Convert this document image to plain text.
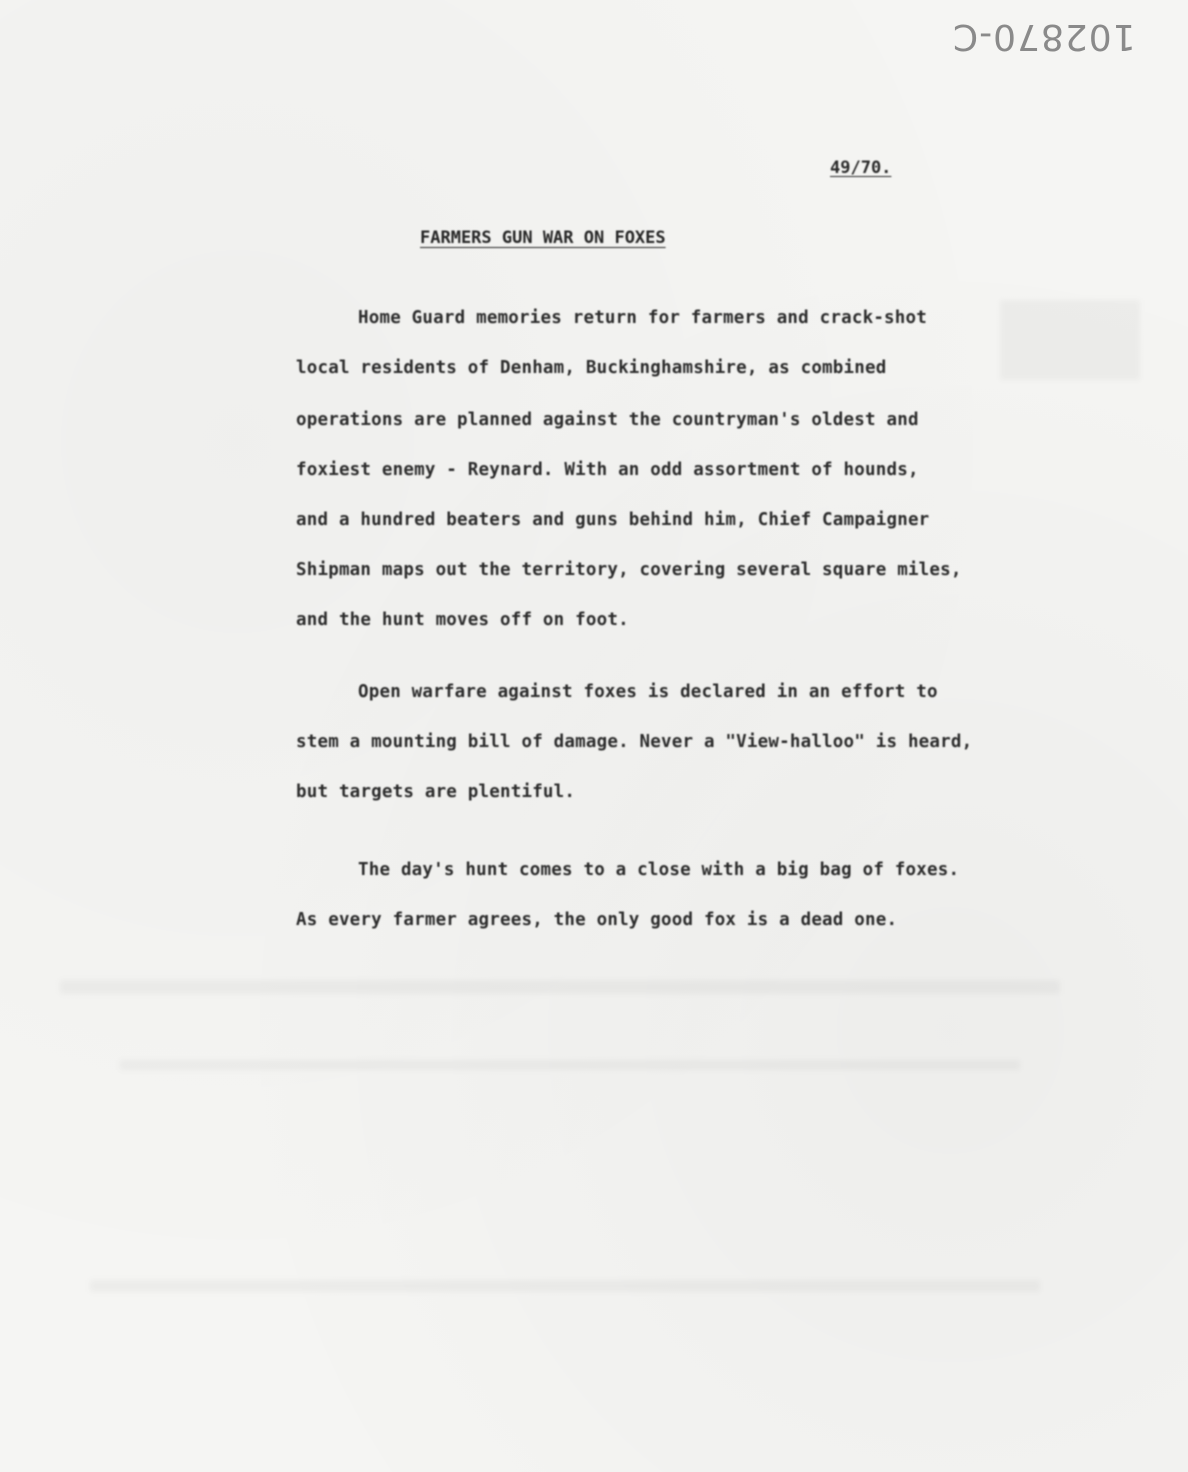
102870-C
49/70.
FARMERS GUN WAR ON FOXES
Home Guard memories return for farmers and crack-shot
local residents of Denham, Buckinghamshire, as combined
operations are planned against the countryman's oldest and
foxiest enemy - Reynard. With an odd assortment of hounds,
and a hundred beaters and guns behind him, Chief Campaigner
Shipman maps out the territory, covering several square miles,
and the hunt moves off on foot.
Open warfare against foxes is declared in an effort to
stem a mounting bill of damage. Never a "View-halloo" is heard,
but targets are plentiful.
The day's hunt comes to a close with a big bag of foxes.
As every farmer agrees, the only good fox is a dead one.
